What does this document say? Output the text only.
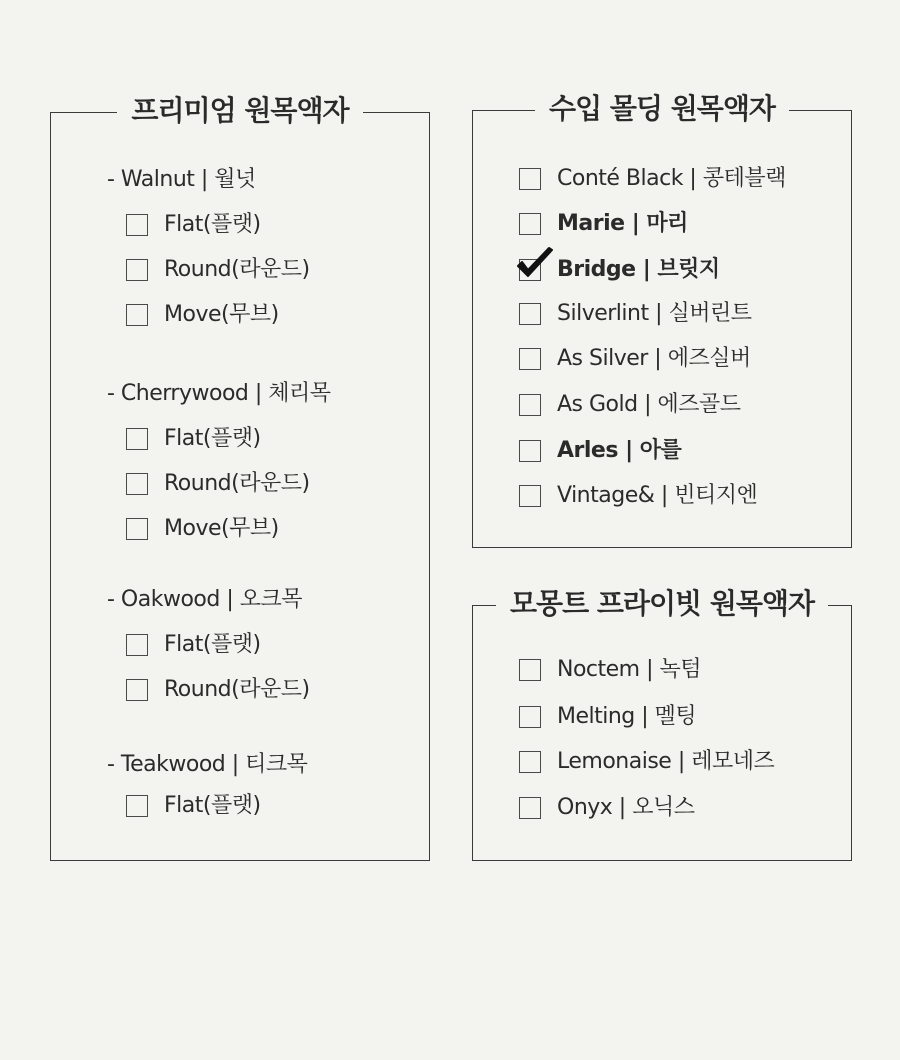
프리미엄 원목액자
- Walnut | 월넛
Flat(플랫)
Round(라운드)
Move(무브)
- Cherrywood | 체리목
Flat(플랫)
Round(라운드)
Move(무브)
- Oakwood | 오크목
Flat(플랫)
Round(라운드)
- Teakwood | 티크목
Flat(플랫)
수입 몰딩 원목액자
Conté Black | 콩테블랙
Marie | 마리
Bridge | 브릿지
Silverlint | 실버린트
As Silver | 에즈실버
As Gold | 에즈골드
Arles | 아를
Vintage& | 빈티지엔
모몽트 프라이빗 원목액자
Noctem | 녹텀
Melting | 멜팅
Lemonaise | 레모네즈
Onyx | 오닉스
